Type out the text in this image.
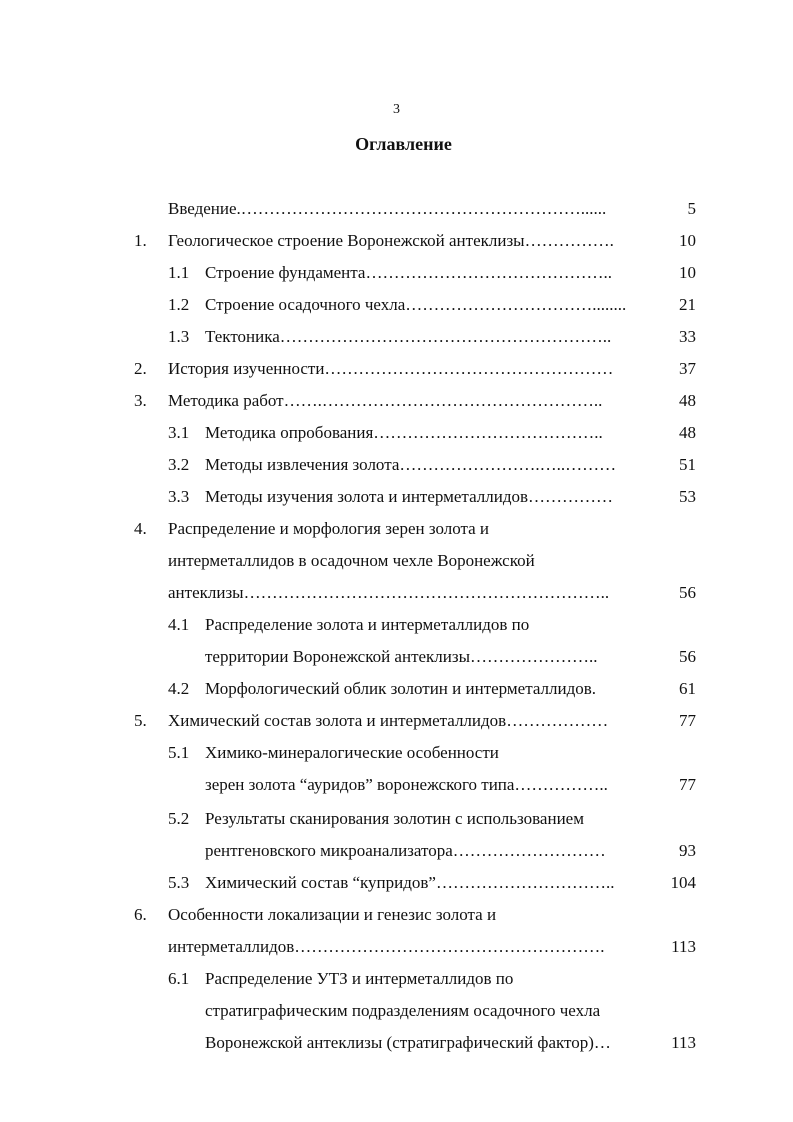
3
Оглавление
Введение.……………………………………………………......	5
1. Геологическое строение Воронежской антеклизы…………….	10
1.1 Строение фундамента……………………………………..	10
1.2 Строение осадочного чехла……………………………........	21
1.3 Тектоника…………………………………………………..	33
2. История изученности……………………………………………	37
3. Методика работ…….…………………………………………..	48
3.1 Методика опробования…………………………………..	48
3.2 Методы извлечения золота…………………….…..………	51
3.3 Методы изучения золота и интерметаллидов……………	53
4. Распределение и морфология зерен золота и
интерметаллидов в осадочном чехле Воронежской
антеклизы………………………………………………………..	56
4.1 Распределение золота и интерметаллидов по
территории Воронежской антеклизы…………………..	56
4.2 Морфологический облик золотин и интерметаллидов.	61
5. Химический состав золота и интерметаллидов………………	77
5.1 Химико-минералогические особенности
зерен золота “ауридов” воронежского типа……………..	77
5.2 Результаты сканирования золотин с использованием
рентгеновского микроанализатора………………………	93
5.3 Химический состав “купридов”…………………………..	104
6. Особенности локализации и генезис золота и
интерметаллидов……………………………………………….	113
6.1 Распределение УТЗ и интерметаллидов по
стратиграфическим подразделениям осадочного чехла
Воронежской антеклизы (стратиграфический фактор)…	113
